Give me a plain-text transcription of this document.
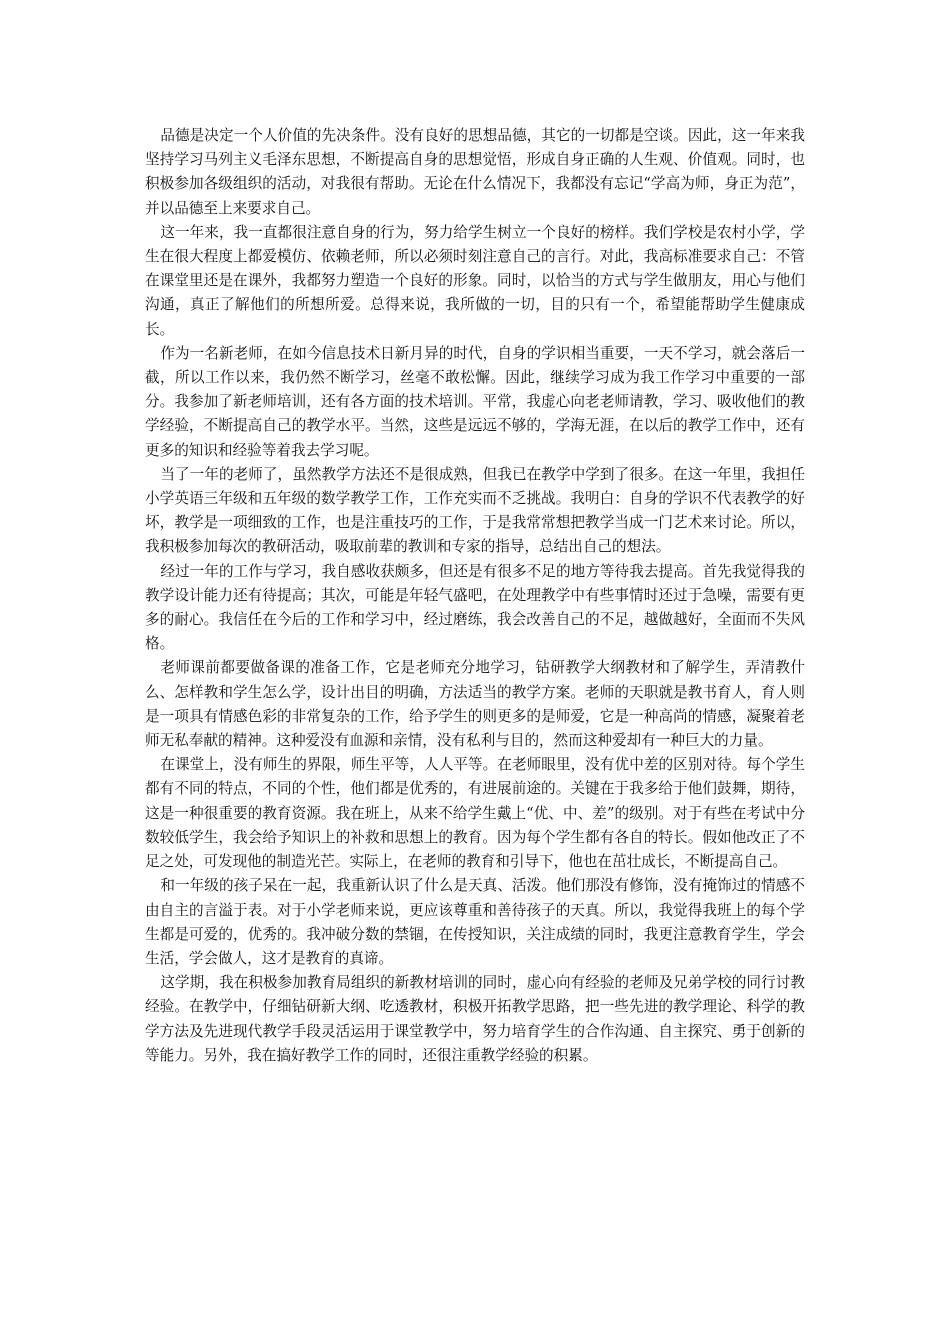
品德是决定一个人价值的先决条件。没有良好的思想品德，其它的一切都是空谈。因此，这一年来我坚持学习马列主义毛泽东思想，不断提高自身的思想觉悟，形成自身正确的人生观、价值观。同时，也积极参加各级组织的活动，对我很有帮助。无论在什么情况下，我都没有忘记“学高为师，身正为范”，并以品德至上来要求自己。

这一年来，我一直都很注意自身的行为，努力给学生树立一个良好的榜样。我们学校是农村小学，学生在很大程度上都爱模仿、依赖老师，所以必须时刻注意自己的言行。对此，我高标准要求自己：不管在课堂里还是在课外，我都努力塑造一个良好的形象。同时，以恰当的方式与学生做朋友，用心与他们沟通，真正了解他们的所想所爱。总得来说，我所做的一切，目的只有一个，希望能帮助学生健康成长。

作为一名新老师，在如今信息技术日新月异的时代，自身的学识相当重要，一天不学习，就会落后一截，所以工作以来，我仍然不断学习，丝毫不敢松懈。因此，继续学习成为我工作学习中重要的一部分。我参加了新老师培训，还有各方面的技术培训。平常，我虚心向老老师请教，学习、吸收他们的教学经验，不断提高自己的教学水平。当然，这些是远远不够的，学海无涯，在以后的教学工作中，还有更多的知识和经验等着我去学习呢。

当了一年的老师了，虽然教学方法还不是很成熟，但我已在教学中学到了很多。在这一年里，我担任小学英语三年级和五年级的数学教学工作，工作充实而不乏挑战。我明白：自身的学识不代表教学的好坏，教学是一项细致的工作，也是注重技巧的工作，于是我常常想把教学当成一门艺术来讨论。所以，我积极参加每次的教研活动，吸取前辈的教训和专家的指导，总结出自己的想法。

经过一年的工作与学习，我自感收获颇多，但还是有很多不足的地方等待我去提高。首先我觉得我的教学设计能力还有待提高；其次，可能是年轻气盛吧，在处理教学中有些事情时还过于急噪，需要有更多的耐心。我信任在今后的工作和学习中，经过磨练，我会改善自己的不足，越做越好，全面而不失风格。

老师课前都要做备课的准备工作，它是老师充分地学习，钻研教学大纲教材和了解学生，弄清教什么、怎样教和学生怎么学，设计出目的明确，方法适当的教学方案。老师的天职就是教书育人，育人则是一项具有情感色彩的非常复杂的工作，给予学生的则更多的是师爱，它是一种高尚的情感，凝聚着老师无私奉献的精神。这种爱没有血源和亲情，没有私利与目的，然而这种爱却有一种巨大的力量。

在课堂上，没有师生的界限，师生平等，人人平等。在老师眼里，没有优中差的区别对待。每个学生都有不同的特点，不同的个性，他们都是优秀的，有进展前途的。关键在于我多给于他们鼓舞，期待，这是一种很重要的教育资源。我在班上，从来不给学生戴上“优、中、差”的级别。对于有些在考试中分数较低学生，我会给予知识上的补救和思想上的教育。因为每个学生都有各自的特长。假如他改正了不足之处，可发现他的制造光芒。实际上，在老师的教育和引导下，他也在茁壮成长，不断提高自己。

和一年级的孩子呆在一起，我重新认识了什么是天真、活泼。他们那没有修饰，没有掩饰过的情感不由自主的言溢于表。对于小学老师来说，更应该尊重和善待孩子的天真。所以，我觉得我班上的每个学生都是可爱的，优秀的。我冲破分数的禁锢，在传授知识，关注成绩的同时，我更注意教育学生，学会生活，学会做人，这才是教育的真谛。

这学期，我在积极参加教育局组织的新教材培训的同时，虚心向有经验的老师及兄弟学校的同行讨教经验。在教学中，仔细钻研新大纲、吃透教材，积极开拓教学思路，把一些先进的教学理论、科学的教学方法及先进现代教学手段灵活运用于课堂教学中，努力培育学生的合作沟通、自主探究、勇于创新的等能力。另外，我在搞好教学工作的同时，还很注重教学经验的积累。
